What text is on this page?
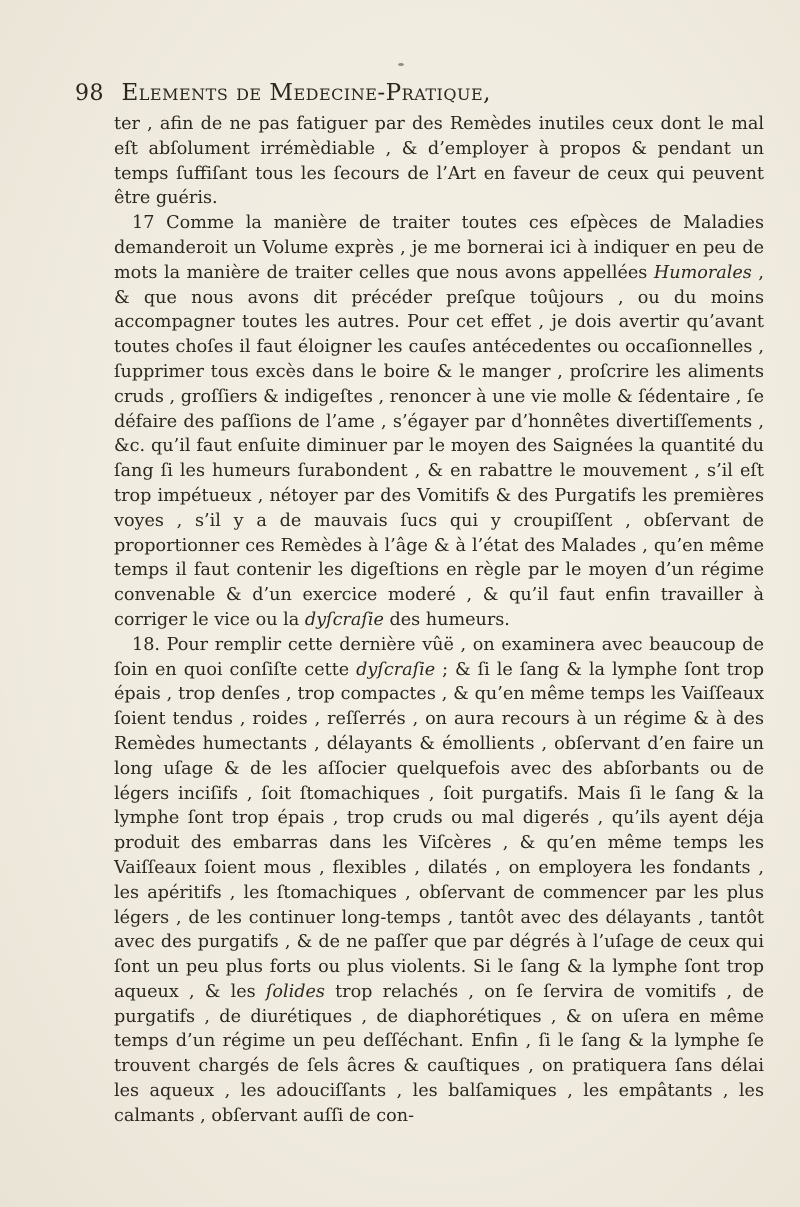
98 Elements de Medecine-Pratique,

ter , afin de ne pas fatiguer par des Remèdes inutiles ceux dont le mal eſt abſolument irrémèdiable , & d’employer à propos & pendant un temps ſuffiſant tous les ſecours de l’Art en faveur de ceux qui peuvent être guéris.

17 Comme la manière de traiter toutes ces eſpèces de Maladies demanderoit un Volume exprès , je me bornerai ici à indiquer en peu de mots la manière de traiter celles que nous avons appellées Humorales , & que nous avons dit précéder preſque toûjours , ou du moins accompagner toutes les autres. Pour cet effet , je dois avertir qu’avant toutes choſes il faut éloigner les cauſes antécedentes ou occaſionnelles , ſupprimer tous excès dans le boire & le manger , proſcrire les aliments cruds , groſſiers & indigeſtes , renoncer à une vie molle & ſédentaire , ſe défaire des paſſions de l’ame , s’égayer par d’honnêtes divertiſſements , &c. qu’il faut enſuite diminuer par le moyen des Saignées la quantité du ſang ſi les humeurs ſurabondent , & en rabattre le mouvement , s’il eſt trop impétueux , nétoyer par des Vomitifs & des Purgatifs les premières voyes , s’il y a de mauvais ſucs qui y croupiſſent , obſervant de proportionner ces Remèdes à l’âge & à l’état des Malades , qu’en même temps il faut contenir les digeſtions en règle par le moyen d’un régime convenable & d’un exercice moderé , & qu’il faut enfin travailler à corriger le vice ou la dyſcraſie des humeurs.

18. Pour remplir cette dernière vûë , on examinera avec beaucoup de ſoin en quoi conſiſte cette dyſcraſie ; & ſi le ſang & la lymphe ſont trop épais , trop denſes , trop compactes , & qu’en même temps les Vaiſſeaux ſoient tendus , roides , reſſerrés , on aura recours à un régime & à des Remèdes humectants , délayants & émollients , obſervant d’en faire un long uſage & de les aſſocier quelquefois avec des abſorbants ou de légers inciſifs , ſoit ſtomachiques , ſoit purgatifs. Mais ſi le ſang & la lymphe ſont trop épais , trop cruds ou mal digerés , qu’ils ayent déja produit des embarras dans les Viſcères , & qu’en même temps les Vaiſſeaux ſoient mous , flexibles , dilatés , on employera les fondants , les apéritifs , les ſtomachiques , obſervant de commencer par les plus légers , de les continuer long-temps , tantôt avec des délayants , tantôt avec des purgatifs , & de ne paſſer que par dégrés à l’uſage de ceux qui ſont un peu plus forts ou plus violents. Si le ſang & la lymphe ſont trop aqueux , & les ſolides trop relachés , on ſe ſervira de vomitifs , de purgatifs , de diurétiques , de diaphorétiques , & on uſera en même temps d’un régime un peu deſſéchant. Enfin , ſi le ſang & la lymphe ſe trouvent chargés de ſels âcres & cauſtiques , on pratiquera ſans délai les aqueux , les adouciſſants , les balſamiques , les empâtants , les calmants , obſervant auſſi de con-
